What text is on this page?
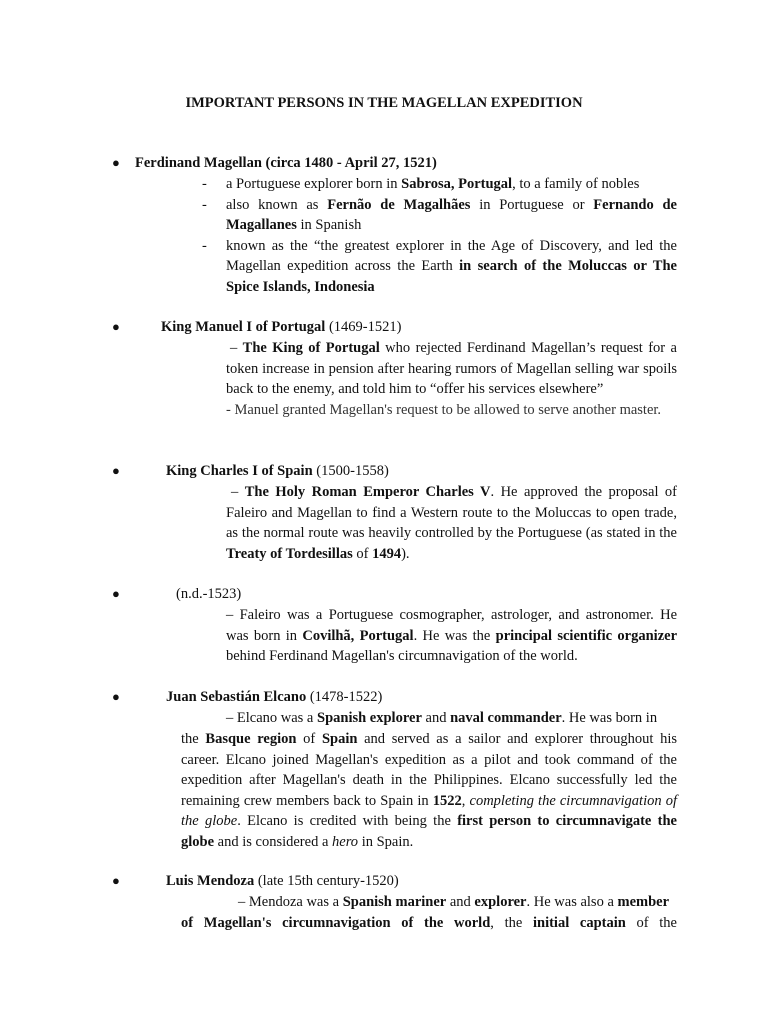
IMPORTANT PERSONS IN THE MAGELLAN EXPEDITION
● Ferdinand Magellan (circa 1480 - April 27, 1521)
- a Portuguese explorer born in Sabrosa, Portugal, to a family of nobles
- also known as Fernão de Magalhães in Portuguese or Fernando de Magallanes in Spanish
- known as the “the greatest explorer in the Age of Discovery, and led the Magellan expedition across the Earth in search of the Moluccas or The Spice Islands, Indonesia
●	King Manuel I of Portugal (1469-1521)
– The King of Portugal who rejected Ferdinand Magellan’s request for a token increase in pension after hearing rumors of Magellan selling war spoils back to the enemy, and told him to “offer his services elsewhere”
- Manuel granted Magellan's request to be allowed to serve another master.
●	King Charles I of Spain (1500-1558)
– The Holy Roman Emperor Charles V. He approved the proposal of Faleiro and Magellan to find a Western route to the Moluccas to open trade, as the normal route was heavily controlled by the Portuguese (as stated in the Treaty of Tordesillas of 1494).
●	(n.d.-1523)
– Faleiro was a Portuguese cosmographer, astrologer, and astronomer. He was born in Covilhã, Portugal. He was the principal scientific organizer behind Ferdinand Magellan's circumnavigation of the world.
●	Juan Sebastián Elcano (1478-1522)
– Elcano was a Spanish explorer and naval commander. He was born in
the Basque region of Spain and served as a sailor and explorer throughout his career. Elcano joined Magellan's expedition as a pilot and took command of the expedition after Magellan's death in the Philippines. Elcano successfully led the remaining crew members back to Spain in 1522, completing the circumnavigation of the globe. Elcano is credited with being the first person to circumnavigate the globe and is considered a hero in Spain.
●	Luis Mendoza (late 15th century-1520)
– Mendoza was a Spanish mariner and explorer. He was also a member
of Magellan's circumnavigation of the world, the initial captain of the
